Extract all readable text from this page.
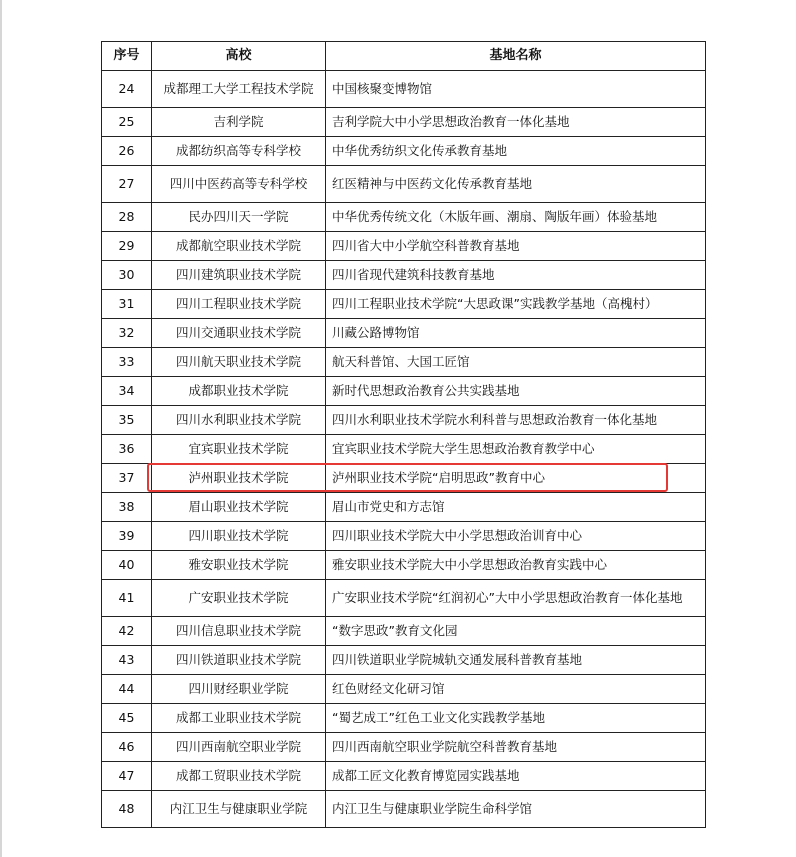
序号	高校	基地名称
24	成都理工大学工程技术学院	中国核聚变博物馆
25	吉利学院	吉利学院大中小学思想政治教育一体化基地
26	成都纺织高等专科学校	中华优秀纺织文化传承教育基地
27	四川中医药高等专科学校	红医精神与中医药文化传承教育基地
28	民办四川天一学院	中华优秀传统文化（木版年画、潮扇、陶版年画）体验基地
29	成都航空职业技术学院	四川省大中小学航空科普教育基地
30	四川建筑职业技术学院	四川省现代建筑科技教育基地
31	四川工程职业技术学院	四川工程职业技术学院“大思政课”实践教学基地（高槐村）
32	四川交通职业技术学院	川藏公路博物馆
33	四川航天职业技术学院	航天科普馆、大国工匠馆
34	成都职业技术学院	新时代思想政治教育公共实践基地
35	四川水利职业技术学院	四川水利职业技术学院水利科普与思想政治教育一体化基地
36	宜宾职业技术学院	宜宾职业技术学院大学生思想政治教育教学中心
37	泸州职业技术学院	泸州职业技术学院“启明思政”教育中心
38	眉山职业技术学院	眉山市党史和方志馆
39	四川职业技术学院	四川职业技术学院大中小学思想政治训育中心
40	雅安职业技术学院	雅安职业技术学院大中小学思想政治教育实践中心
41	广安职业技术学院	广安职业技术学院“红润初心”大中小学思想政治教育一体化基地
42	四川信息职业技术学院	“数字思政”教育文化园
43	四川铁道职业技术学院	四川铁道职业学院城轨交通发展科普教育基地
44	四川财经职业学院	红色财经文化研习馆
45	成都工业职业技术学院	“蜀艺成工”红色工业文化实践教学基地
46	四川西南航空职业学院	四川西南航空职业学院航空科普教育基地
47	成都工贸职业技术学院	成都工匠文化教育博览园实践基地
48	内江卫生与健康职业学院	内江卫生与健康职业学院生命科学馆
